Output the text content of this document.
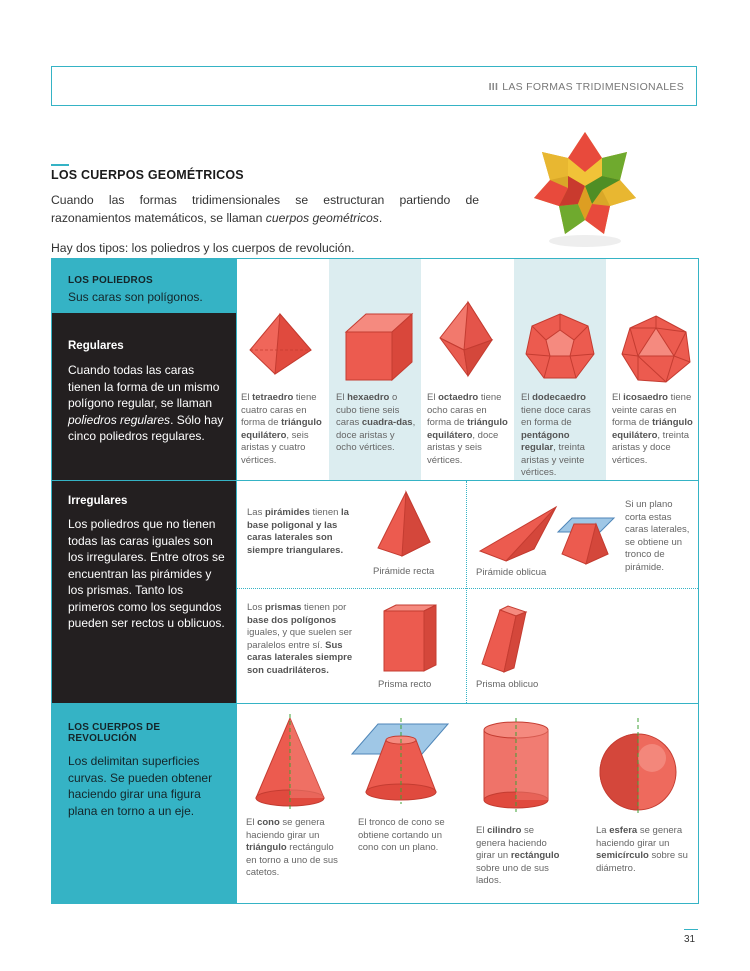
III LAS FORMAS TRIDIMENSIONALES
LOS CUERPOS GEOMÉTRICOS
Cuando las formas tridimensionales se estructuran partiendo de razonamientos matemáticos, se llaman cuerpos geométricos.
Hay dos tipos: los poliedros y los cuerpos de revolución.
LOS POLIEDROS
Sus caras son polígonos.
Regulares
Cuando todas las caras tienen la forma de un mismo polígono regular, se llaman poliedros regulares. Sólo hay cinco poliedros regulares.
Irregulares
Los poliedros que no tienen todas las caras iguales son los irregulares. Entre otros se encuentran las pirámides y los prismas. Tanto los primeros como los segundos pueden ser rectos u oblicuos.
LOS CUERPOS DE REVOLUCIÓN
Los delimitan superficies curvas. Se pueden obtener haciendo girar una figura plana en torno a un eje.
El tetraedro tiene cuatro caras en forma de triángulo equilátero, seis aristas y cuatro vértices.
El hexaedro o cubo tiene seis caras cuadra-das, doce aristas y ocho vértices.
El octaedro tiene ocho caras en forma de triángulo equilátero, doce aristas y seis vértices.
El dodecaedro tiene doce caras en forma de pentágono regular, treinta aristas y veinte vértices.
El icosaedro tiene veinte caras en forma de triángulo equilátero, treinta aristas y doce vértices.
Las pirámides tienen la base poligonal y las caras laterales son siempre triangulares.
Pirámide recta	Pirámide oblicua
Si un plano corta estas caras laterales, se obtiene un tronco de pirámide.
Los prismas tienen por base dos polígonos iguales, y que suelen ser paralelos entre sí. Sus caras laterales siempre son cuadriláteros.
Prisma recto	Prisma oblicuo
El cono se genera haciendo girar un triángulo rectángulo en torno a uno de sus catetos.
El tronco de cono se obtiene cortando un cono con un plano.
El cilindro se genera haciendo girar un rectángulo sobre uno de sus lados.
La esfera se genera haciendo girar un semicírculo sobre su diámetro.
31
